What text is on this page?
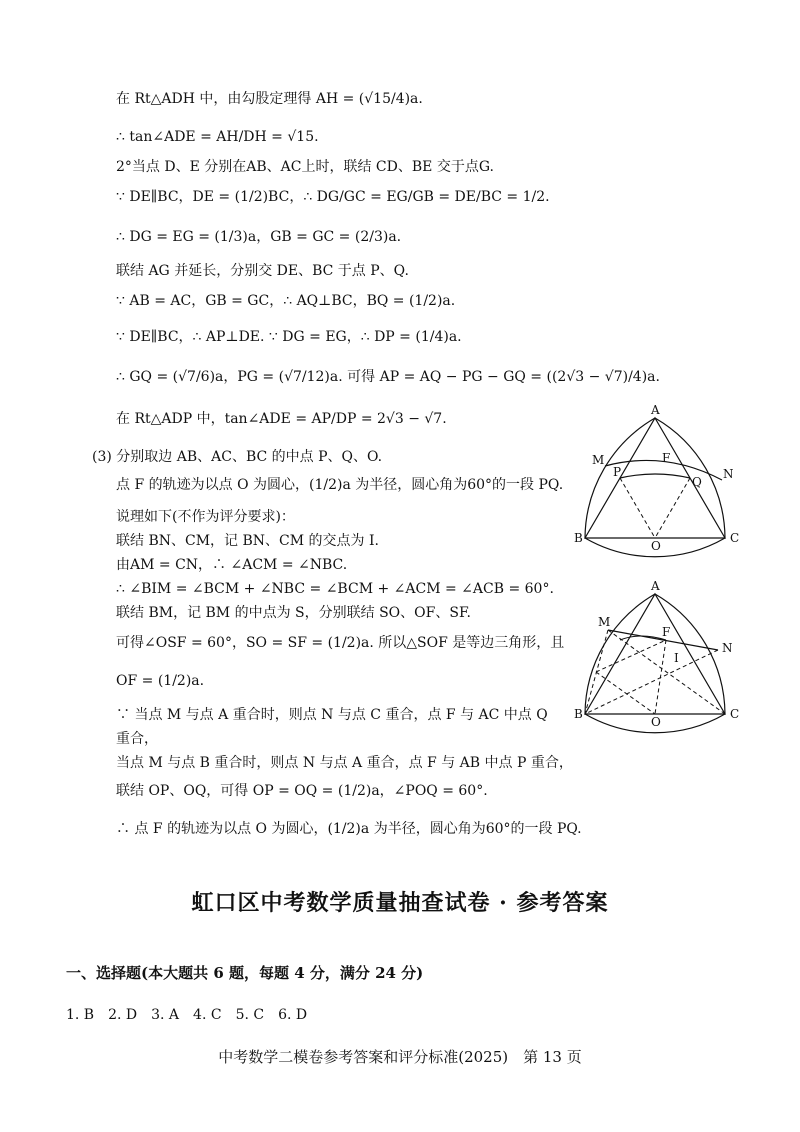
在 Rt△ADH 中，由勾股定理得 AH = (√15/4)a.
∴ tan∠ADE = AH/DH = √15.
2°当点 D、E 分别在AB、AC上时，联结 CD、BE 交于点G.
∵ DE∥BC，DE = (1/2)BC，∴ DG/GC = EG/GB = DE/BC = 1/2.
∴ DG = EG = (1/3)a，GB = GC = (2/3)a.
联结 AG 并延长，分别交 DE、BC 于点 P、Q.
∵ AB = AC，GB = GC，∴ AQ⊥BC，BQ = (1/2)a.
∵ DE∥BC，∴ AP⊥DE. ∵ DG = EG，∴ DP = (1/4)a.
∴ GQ = (√7/6)a，PG = (√7/12)a. 可得 AP = AQ − PG − GQ = ((2√3 − √7)/4)a.
在 Rt△ADP 中，tan∠ADE = AP/DP = 2√3 − √7.
(3) 分别取边 AB、AC、BC 的中点 P、Q、O.
点 F 的轨迹为以点 O 为圆心，(1/2)a 为半径，圆心角为60°的一段 PQ.
说理如下(不作为评分要求)：
联结 BN、CM，记 BN、CM 的交点为 I.
由AM = CN，∴ ∠ACM = ∠NBC.
∴ ∠BIM = ∠BCM + ∠NBC = ∠BCM + ∠ACM = ∠ACB = 60°.
联结 BM，记 BM 的中点为 S，分别联结 SO、OF、SF.
可得∠OSF = 60°，SO = SF = (1/2)a. 所以△SOF 是等边三角形，且
OF = (1/2)a.
∵ 当点 M 与点 A 重合时，则点 N 与点 C 重合，点 F 与 AC 中点 Q
重合，
当点 M 与点 B 重合时，则点 N 与点 A 重合，点 F 与 AB 中点 P 重合，
联结 OP、OQ，可得 OP = OQ = (1/2)a，∠POQ = 60°.
∴ 点 F 的轨迹为以点 O 为圆心，(1/2)a 为半径，圆心角为60°的一段 PQ.
虹口区中考数学质量抽查试卷 · 参考答案
一、选择题(本大题共 6 题，每题 4 分，满分 24 分)
1. B　2. D　3. A　4. C　5. C　6. D
中考数学二模卷参考答案和评分标准(2025)　第 13 页
A
M
N
P
Q
F
B	C
O
A
M
N
F
I
B	C
O
